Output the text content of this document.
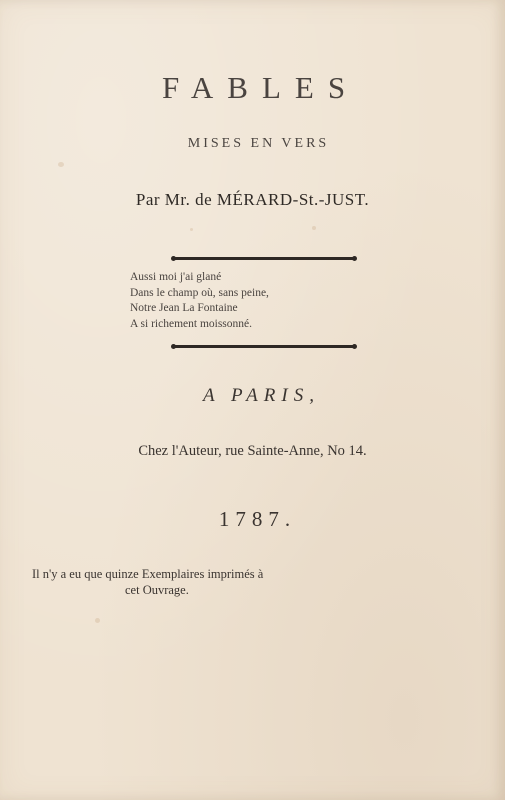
FABLES
MISES EN VERS
Par Mr. de MÉRARD-St.-JUST.
Aussi moi j'ai glané
Dans le champ où, sans peine,
Notre Jean La Fontaine
A si richement moissonné.
A PARIS,
Chez l'Auteur, rue Sainte-Anne, No 14.
1787.
Il n'y a eu que quinze Exemplaires imprimés à
cet Ouvrage.
